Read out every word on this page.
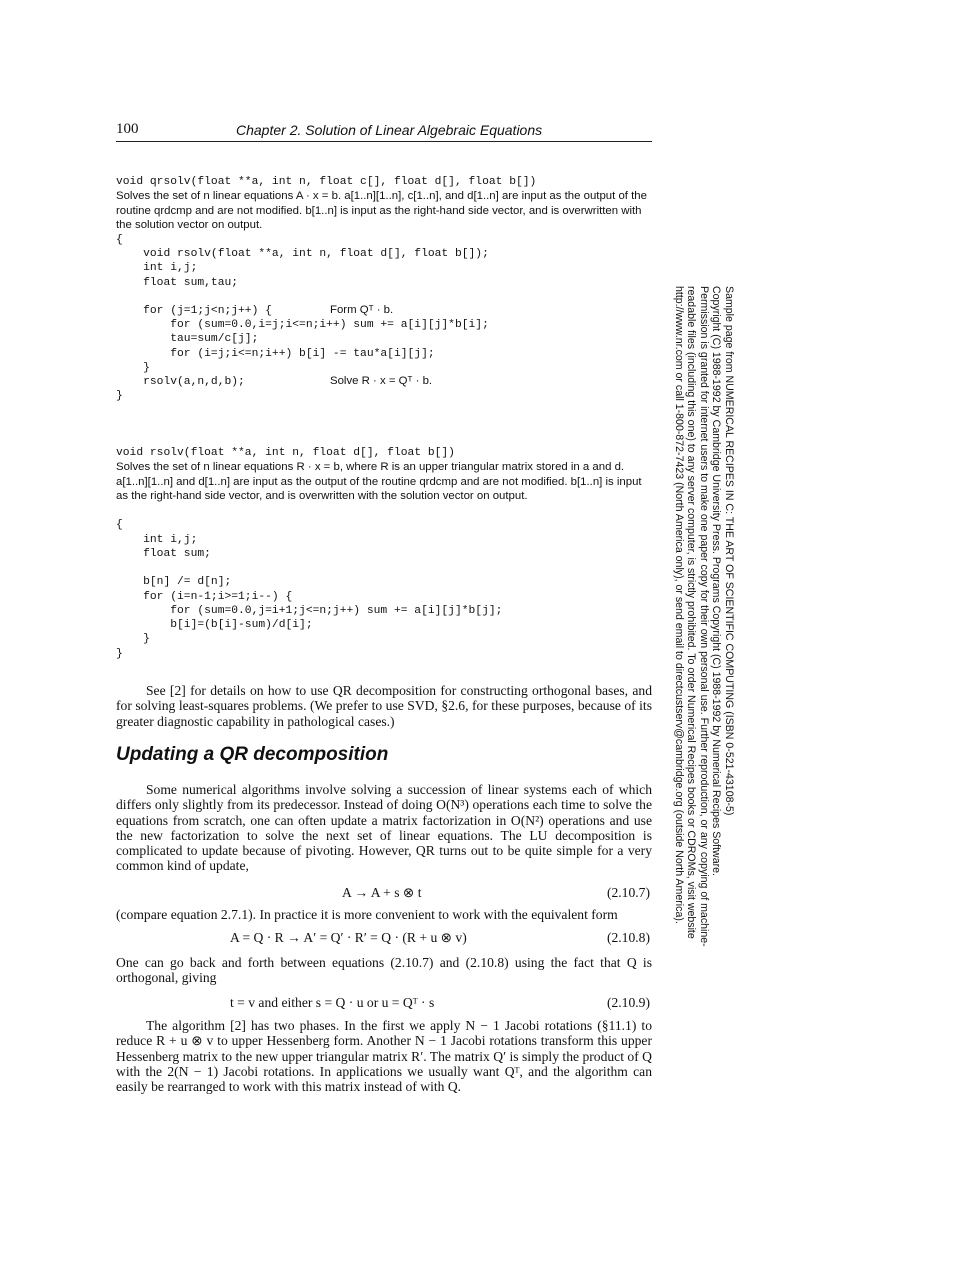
100	Chapter 2. Solution of Linear Algebraic Equations
void qrsolv(float **a, int n, float c[], float d[], float b[])
Solves the set of n linear equations A · x = b. a[1..n][1..n], c[1..n], and d[1..n] are input as the output of the routine qrdcmp and are not modified. b[1..n] is input as the right-hand side vector, and is overwritten with the solution vector on output.
{
void rsolv(float **a, int n, float d[], float b[]);
int i,j;
float sum,tau;
for (j=1;j<n;j++) {
for (sum=0.0,i=j;i<=n;i++) sum += a[i][j]*b[i];
tau=sum/c[j];
for (i=j;i<=n;i++) b[i] -= tau*a[i][j];
}
rsolv(a,n,d,b);
}
Form Qᵀ · b.
Solve R · x = Qᵀ · b.
void rsolv(float **a, int n, float d[], float b[])
Solves the set of n linear equations R · x = b, where R is an upper triangular matrix stored in a and d. a[1..n][1..n] and d[1..n] are input as the output of the routine qrdcmp and are not modified. b[1..n] is input as the right-hand side vector, and is overwritten with the solution vector on output.
{
int i,j;
float sum;
b[n] /= d[n];
for (i=n-1;i>=1;i--) {
for (sum=0.0,j=i+1;j<=n;j++) sum += a[i][j]*b[j];
b[i]=(b[i]-sum)/d[i];
}
}
See [2] for details on how to use QR decomposition for constructing orthogonal bases, and for solving least-squares problems. (We prefer to use SVD, §2.6, for these purposes, because of its greater diagnostic capability in pathological cases.)
Updating a QR decomposition
Some numerical algorithms involve solving a succession of linear systems each of which differs only slightly from its predecessor. Instead of doing O(N³) operations each time to solve the equations from scratch, one can often update a matrix factorization in O(N²) operations and use the new factorization to solve the next set of linear equations. The LU decomposition is complicated to update because of pivoting. However, QR turns out to be quite simple for a very common kind of update,
A → A + s ⊗ t	(2.10.7)
(compare equation 2.7.1). In practice it is more convenient to work with the equivalent form
A = Q · R → A′ = Q′ · R′ = Q · (R + u ⊗ v)	(2.10.8)
One can go back and forth between equations (2.10.7) and (2.10.8) using the fact that Q is orthogonal, giving
t = v and either s = Q · u or u = Qᵀ · s	(2.10.9)
The algorithm [2] has two phases. In the first we apply N − 1 Jacobi rotations (§11.1) to reduce R + u ⊗ v to upper Hessenberg form. Another N − 1 Jacobi rotations transform this upper Hessenberg matrix to the new upper triangular matrix R′. The matrix Q′ is simply the product of Q with the 2(N − 1) Jacobi rotations. In applications we usually want Qᵀ, and the algorithm can easily be rearranged to work with this matrix instead of with Q.
Sample page from NUMERICAL RECIPES IN C: THE ART OF SCIENTIFIC COMPUTING (ISBN 0-521-43108-5)
Copyright (C) 1988-1992 by Cambridge University Press. Programs Copyright (C) 1988-1992 by Numerical Recipes Software.
Permission is granted for internet users to make one paper copy for their own personal use. Further reproduction, or any copying of machine-
readable files (including this one) to any server computer, is strictly prohibited. To order Numerical Recipes books or CDROMs, visit website
http://www.nr.com or call 1-800-872-7423 (North America only), or send email to directcustserv@cambridge.org (outside North America).
